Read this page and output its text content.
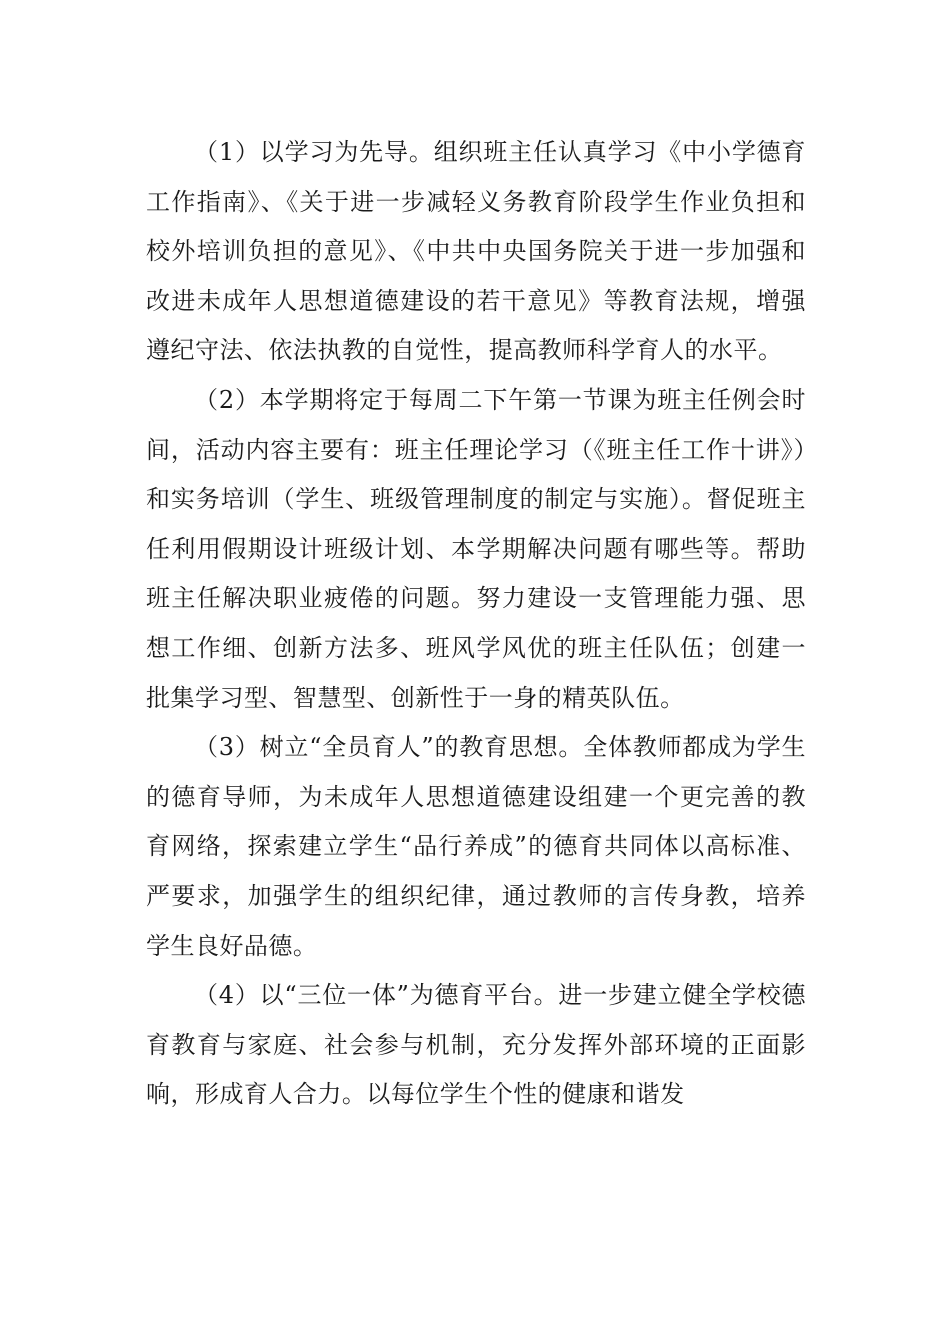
（1）以学习为先导。组织班主任认真学习《中小学德育工作指南》、《关于进一步减轻义务教育阶段学生作业负担和校外培训负担的意见》、《中共中央国务院关于进一步加强和改进未成年人思想道德建设的若干意见》等教育法规，增强遵纪守法、依法执教的自觉性，提高教师科学育人的水平。

（2）本学期将定于每周二下午第一节课为班主任例会时间，活动内容主要有：班主任理论学习（《班主任工作十讲》）和实务培训（学生、班级管理制度的制定与实施）。督促班主任利用假期设计班级计划、本学期解决问题有哪些等。帮助班主任解决职业疲倦的问题。努力建设一支管理能力强、思想工作细、创新方法多、班风学风优的班主任队伍；创建一批集学习型、智慧型、创新性于一身的精英队伍。

（3）树立“全员育人”的教育思想。全体教师都成为学生的德育导师，为未成年人思想道德建设组建一个更完善的教育网络，探索建立学生“品行养成”的德育共同体以高标准、严要求，加强学生的组织纪律，通过教师的言传身教，培养学生良好品德。

（4）以“三位一体”为德育平台。进一步建立健全学校德育教育与家庭、社会参与机制，充分发挥外部环境的正面影响，形成育人合力。以每位学生个性的健康和谐发
